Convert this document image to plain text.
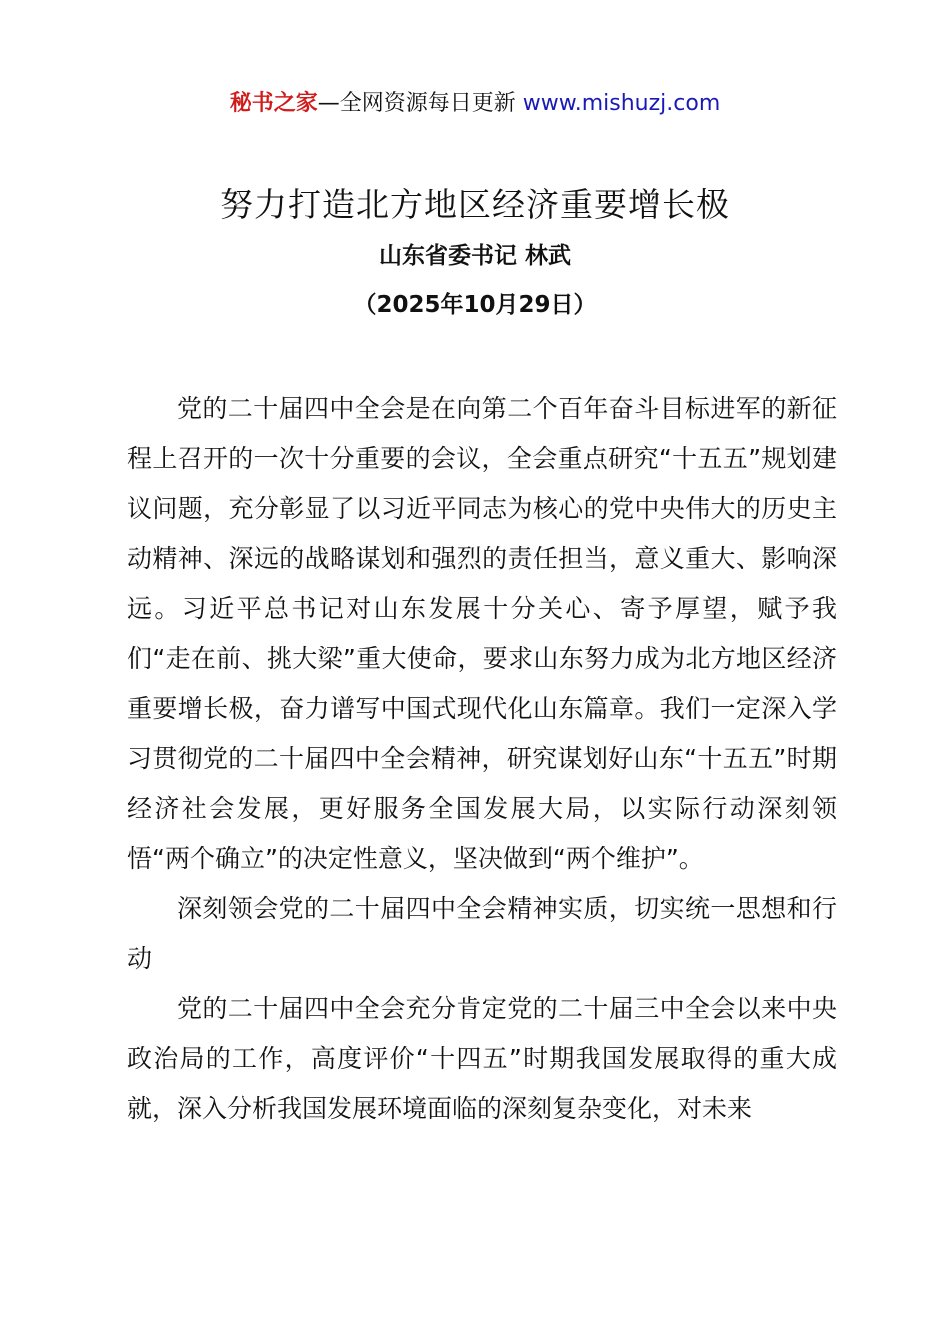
秘书之家—全网资源每日更新 www.mishuzj.com
努力打造北方地区经济重要增长极
山东省委书记 林武
（2025年10月29日）

党的二十届四中全会是在向第二个百年奋斗目标进军的新征程上召开的一次十分重要的会议，全会重点研究“十五五”规划建议问题，充分彰显了以习近平同志为核心的党中央伟大的历史主动精神、深远的战略谋划和强烈的责任担当，意义重大、影响深远。习近平总书记对山东发展十分关心、寄予厚望，赋予我们“走在前、挑大梁”重大使命，要求山东努力成为北方地区经济重要增长极，奋力谱写中国式现代化山东篇章。我们一定深入学习贯彻党的二十届四中全会精神，研究谋划好山东“十五五”时期经济社会发展，更好服务全国发展大局，以实际行动深刻领悟“两个确立”的决定性意义，坚决做到“两个维护”。

深刻领会党的二十届四中全会精神实质，切实统一思想和行动

党的二十届四中全会充分肯定党的二十届三中全会以来中央政治局的工作，高度评价“十四五”时期我国发展取得的重大成就，深入分析我国发展环境面临的深刻复杂变化，对未来
